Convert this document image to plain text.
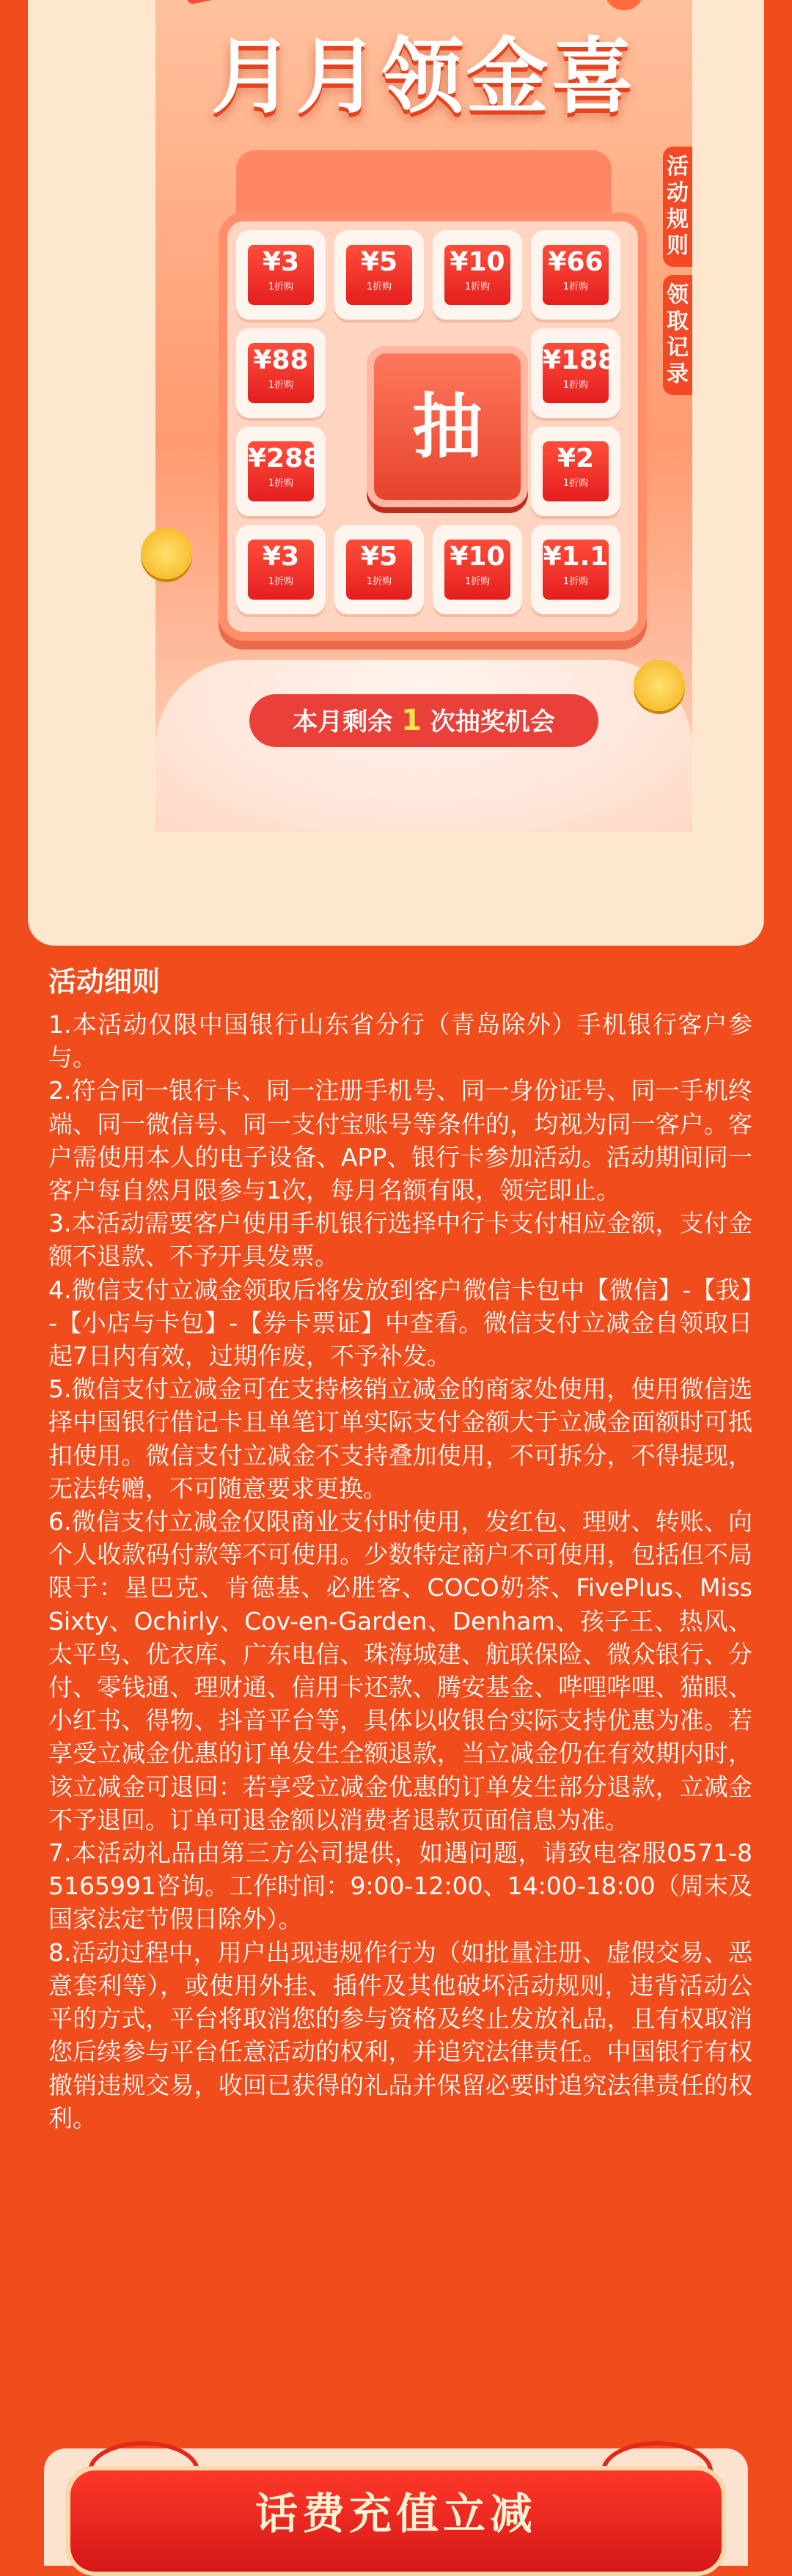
月月领金喜
活动规则
领取记录
¥3
1折购
¥5
1折购
¥10
1折购
¥66
1折购
¥88
1折购
¥188
1折购
¥288
1折购
¥2
1折购
¥3
1折购
¥5
1折购
¥10
1折购
¥1.1
1折购
抽
本月剩余 1 次抽奖机会
活动细则

1.本活动仅限中国银行山东省分行（青岛除外）手机银行客户参与。

2.符合同一银行卡、同一注册手机号、同一身份证号、同一手机终端、同一微信号、同一支付宝账号等条件的，均视为同一客户。客户需使用本人的电子设备、APP、银行卡参加活动。活动期间同一客户每自然月限参与1次，每月名额有限，领完即止。

3.本活动需要客户使用手机银行选择中行卡支付相应金额，支付金额不退款、不予开具发票。

4.微信支付立减金领取后将发放到客户微信卡包中【微信】-【我】-【小店与卡包】-【券卡票证】中查看。微信支付立减金自领取日起7日内有效，过期作废，不予补发。

5.微信支付立减金可在支持核销立减金的商家处使用，使用微信选择中国银行借记卡且单笔订单实际支付金额大于立减金面额时可抵扣使用。微信支付立减金不支持叠加使用，不可拆分，不得提现，无法转赠，不可随意要求更换。

6.微信支付立减金仅限商业支付时使用，发红包、理财、转账、向个人收款码付款等不可使用。少数特定商户不可使用，包括但不局限于：星巴克、肯德基、必胜客、COCO奶茶、FivePlus、Miss Sixty、Ochirly、Cov-en-Garden、Denham、孩子王、热风、太平鸟、优衣库、广东电信、珠海城建、航联保险、微众银行、分付、零钱通、理财通、信用卡还款、腾安基金、哔哩哔哩、猫眼、小红书、得物、抖音平台等，具体以收银台实际支持优惠为准。若享受立减金优惠的订单发生全额退款，当立减金仍在有效期内时，该立减金可退回：若享受立减金优惠的订单发生部分退款，立减金不予退回。订单可退金额以消费者退款页面信息为准。

7.本活动礼品由第三方公司提供，如遇问题，请致电客服0571-85165991咨询。工作时间：9:00-12:00、14:00-18:00（周末及国家法定节假日除外）。

8.活动过程中，用户出现违规作行为（如批量注册、虚假交易、恶意套利等），或使用外挂、插件及其他破坏活动规则，违背活动公平的方式，平台将取消您的参与资格及终止发放礼品，且有权取消您后续参与平台任意活动的权利，并追究法律责任。中国银行有权撤销违规交易，收回已获得的礼品并保留必要时追究法律责任的权利。

话费充值立减
